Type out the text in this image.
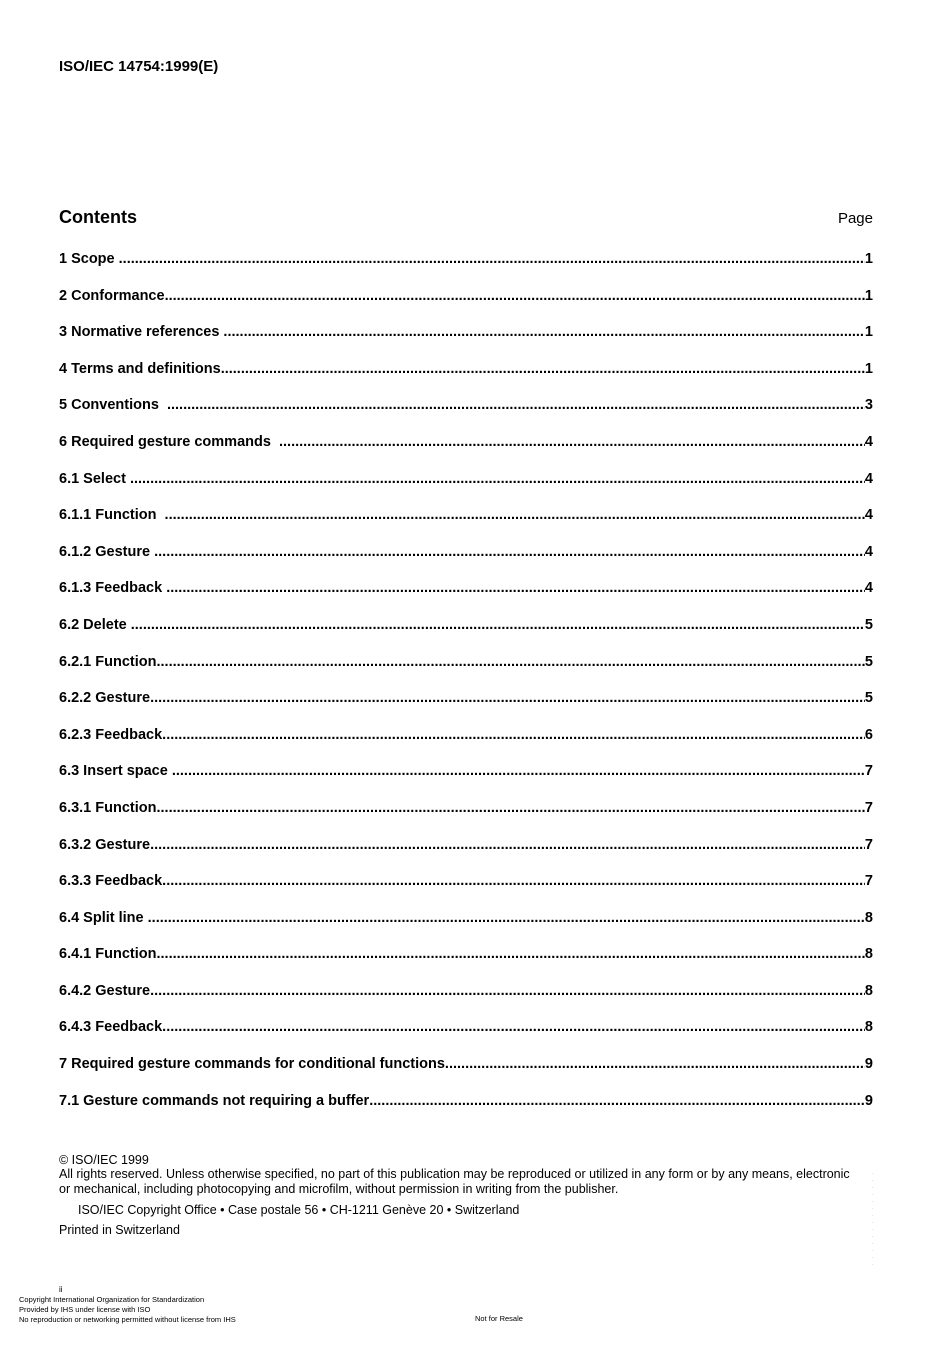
ISO/IEC 14754:1999(E)
Contents	Page
1 Scope .....	1
2 Conformance .....	1
3 Normative references .....	1
4 Terms and definitions .....	1
5 Conventions .....	3
6 Required gesture commands .....	4
6.1 Select .....	4
6.1.1 Function .....	4
6.1.2 Gesture .....	4
6.1.3 Feedback .....	4
6.2 Delete .....	5
6.2.1 Function .....	5
6.2.2 Gesture .....	5
6.2.3 Feedback .....	6
6.3 Insert space .....	7
6.3.1 Function .....	7
6.3.2 Gesture .....	7
6.3.3 Feedback .....	7
6.4 Split line .....	8
6.4.1 Function .....	8
6.4.2 Gesture .....	8
6.4.3 Feedback .....	8
7 Required gesture commands for conditional functions .....	9
7.1 Gesture commands not requiring a buffer .....	9

© ISO/IEC 1999

All rights reserved. Unless otherwise specified, no part of this publication may be reproduced or utilized in any form or by any means, electronic
or mechanical, including photocopying and microfilm, without permission in writing from the publisher.

ISO/IEC Copyright Office • Case postale 56 • CH-1211 Genève 20 • Switzerland

Printed in Switzerland

.
.
.
.
.
.
.
.
.
.
.
.
.
.
ii
Copyright International Organization for Standardization
Provided by IHS under license with ISO
No reproduction or networking permitted without license from IHS	Not for Resale
